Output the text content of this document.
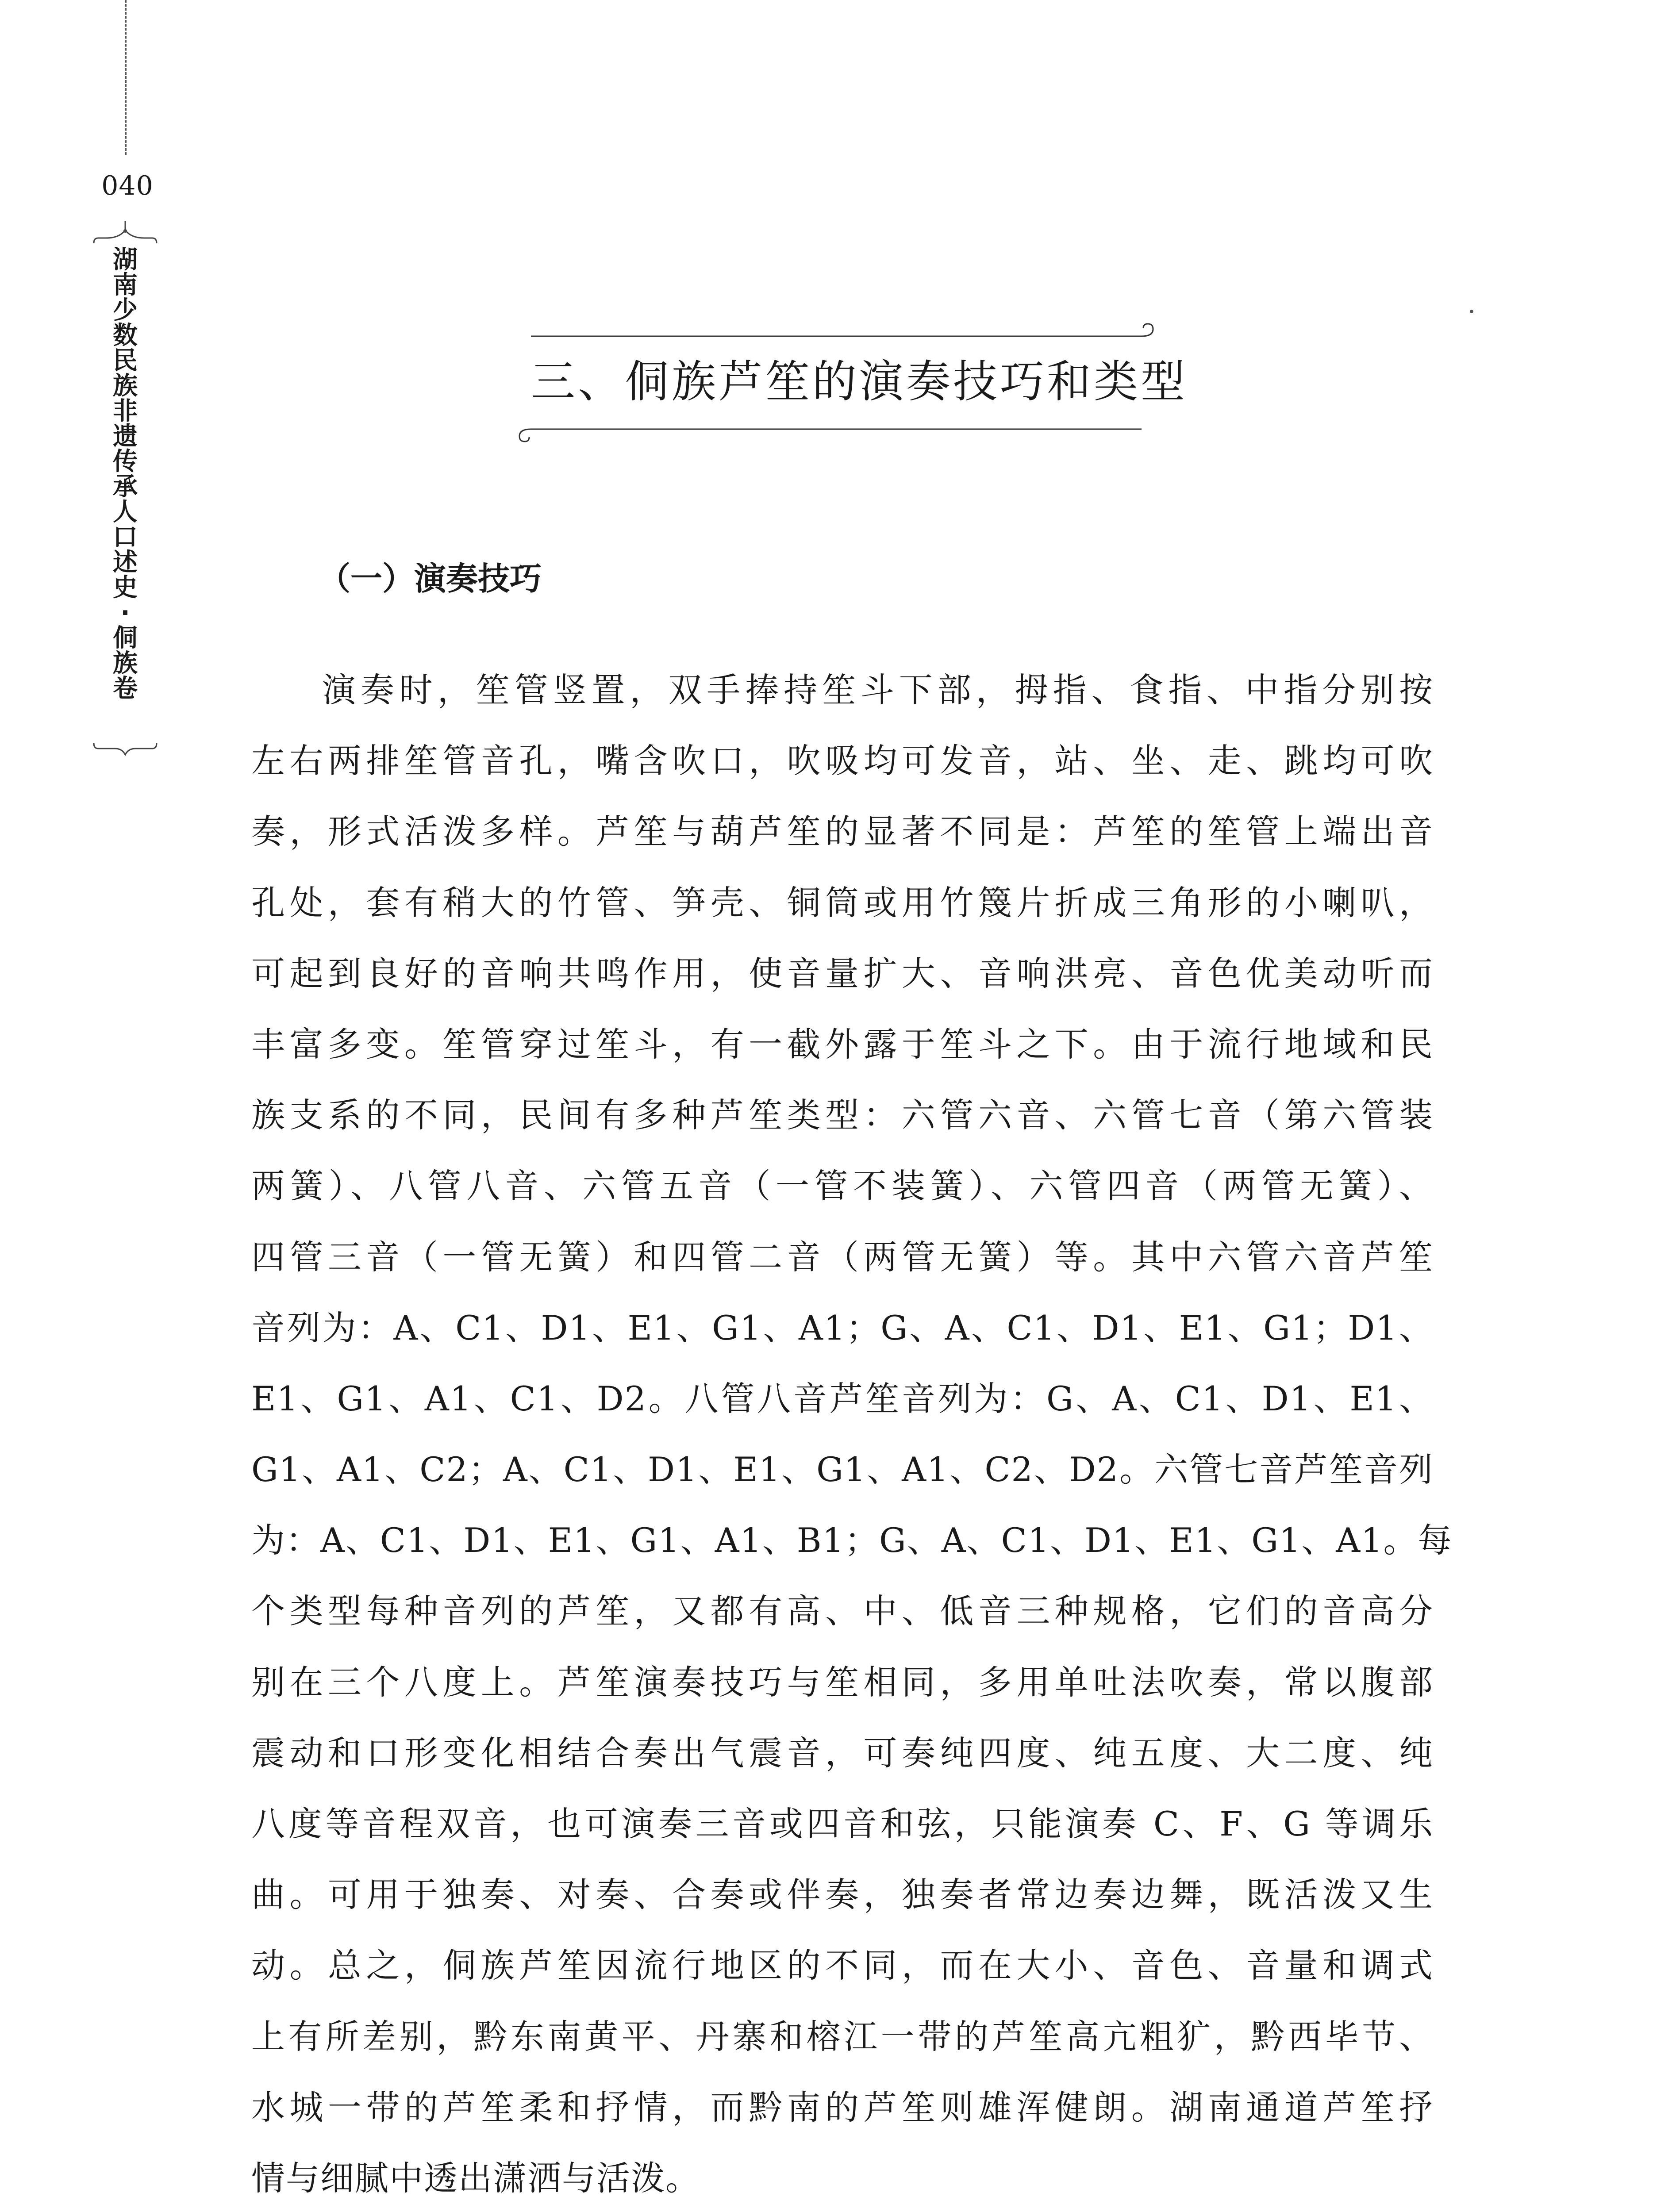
040
湖
南
少
数
民
族
非
遗
传
承
人
口
述
史
·
侗
族
卷
三、侗族芦笙的演奏技巧和类型
（一）演奏技巧
演奏时，笙管竖置，双手捧持笙斗下部，拇指、食指、中指分别按
左右两排笙管音孔，嘴含吹口，吹吸均可发音，站、坐、走、跳均可吹
奏，形式活泼多样。芦笙与葫芦笙的显著不同是：芦笙的笙管上端出音
孔处，套有稍大的竹管、笋壳、铜筒或用竹篾片折成三角形的小喇叭，
可起到良好的音响共鸣作用，使音量扩大、音响洪亮、音色优美动听而
丰富多变。笙管穿过笙斗，有一截外露于笙斗之下。由于流行地域和民
族支系的不同，民间有多种芦笙类型：六管六音、六管七音（第六管装
两簧）、八管八音、六管五音（一管不装簧）、六管四音（两管无簧）、
四管三音（一管无簧）和四管二音（两管无簧）等。其中六管六音芦笙
音列为：A、C1、D1、E1、G1、A1；G、A、C1、D1、E1、G1；D1、
E1、G1、A1、C1、D2。八管八音芦笙音列为：G、A、C1、D1、E1、
G1、A1、C2；A、C1、D1、E1、G1、A1、C2、D2。六管七音芦笙音列
为：A、C1、D1、E1、G1、A1、B1；G、A、C1、D1、E1、G1、A1。每
个类型每种音列的芦笙，又都有高、中、低音三种规格，它们的音高分
别在三个八度上。芦笙演奏技巧与笙相同，多用单吐法吹奏，常以腹部
震动和口形变化相结合奏出气震音，可奏纯四度、纯五度、大二度、纯
八度等音程双音，也可演奏三音或四音和弦，只能演奏 C、F、G 等调乐
曲。可用于独奏、对奏、合奏或伴奏，独奏者常边奏边舞，既活泼又生
动。总之，侗族芦笙因流行地区的不同，而在大小、音色、音量和调式
上有所差别，黔东南黄平、丹寨和榕江一带的芦笙高亢粗犷，黔西毕节、
水城一带的芦笙柔和抒情，而黔南的芦笙则雄浑健朗。湖南通道芦笙抒
情与细腻中透出潇洒与活泼。
